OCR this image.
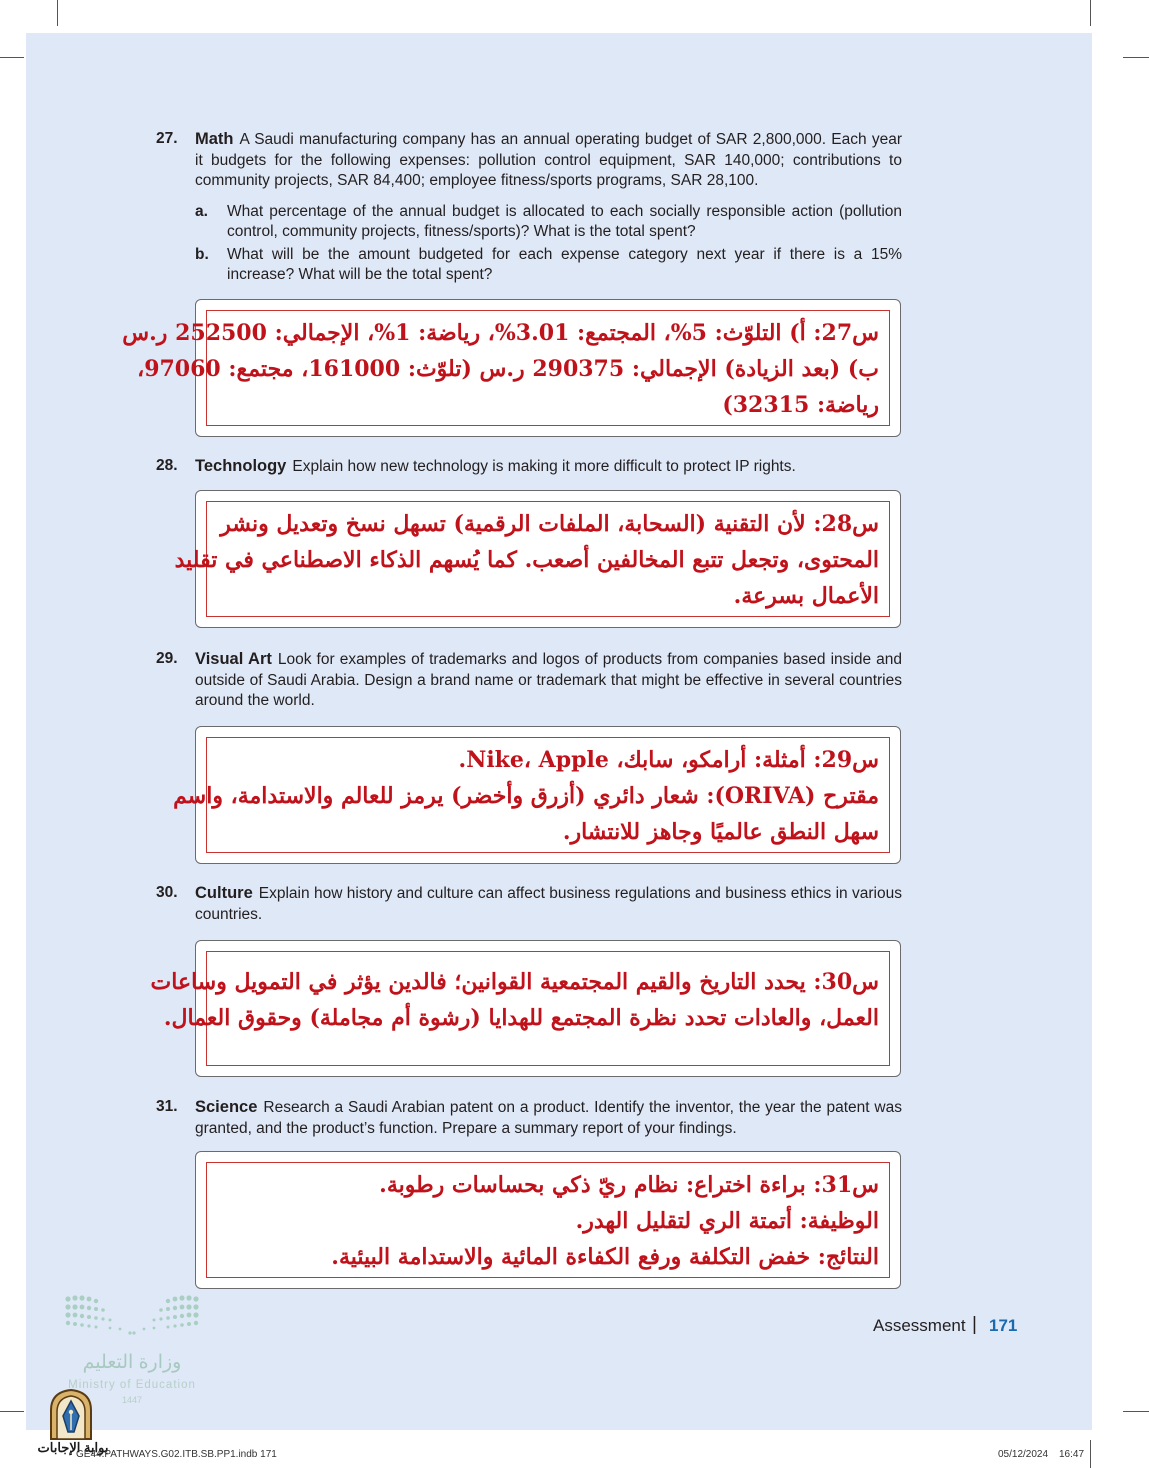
27. Math A Saudi manufacturing company has an annual operating budget of SAR 2,800,000. Each year it budgets for the following expenses: pollution control equipment, SAR 140,000; contributions to community projects, SAR 84,400; employee fitness/sports programs, SAR 28,100.
a. What percentage of the annual budget is allocated to each socially responsible action (pollution control, community projects, fitness/sports)? What is the total spent?
b. What will be the amount budgeted for each expense category next year if there is a 15% increase? What will be the total spent?
س27: أ) التلوّث: 5%، المجتمع: 3.01%، رياضة: 1%، الإجمالي: 252500 ر.س
ب) (بعد الزيادة) الإجمالي: 290375 ر.س (تلوّث: 161000، مجتمع: 97060،
رياضة: 32315)
28. Technology Explain how new technology is making it more difficult to protect IP rights.
س28: لأن التقنية (السحابة، الملفات الرقمية) تسهل نسخ وتعديل ونشر
المحتوى، وتجعل تتبع المخالفين أصعب. كما يُسهم الذكاء الاصطناعي في تقليد
الأعمال بسرعة.
29. Visual Art Look for examples of trademarks and logos of products from companies based inside and outside of Saudi Arabia. Design a brand name or trademark that might be effective in several countries around the world.
س29: أمثلة: أرامكو، سابك، Nike، Apple.
مقترح (ORIVA): شعار دائري (أزرق وأخضر) يرمز للعالم والاستدامة، واسم
سهل النطق عالميًا وجاهز للانتشار.
30. Culture Explain how history and culture can affect business regulations and business ethics in various countries.
س30: يحدد التاريخ والقيم المجتمعية القوانين؛ فالدين يؤثر في التمويل وساعات
العمل، والعادات تحدد نظرة المجتمع للهدايا (رشوة أم مجاملة) وحقوق العمال.
31. Science Research a Saudi Arabian patent on a product. Identify the inventor, the year the patent was granted, and the product’s function. Prepare a summary report of your findings.
س31: براءة اختراع: نظام ريّ ذكي بحساسات رطوبة.
الوظيفة: أتمتة الري لتقليل الهدر.
النتائج: خفض التكلفة ورفع الكفاءة المائية والاستدامة البيئية.
Assessment | 171
وزارة التعليم
Ministry of Education
1447
بوابة الإجابات
GE44.PATHWAYS.G02.ITB.SB.PP1.indb 171	05/12/2024 16:47
